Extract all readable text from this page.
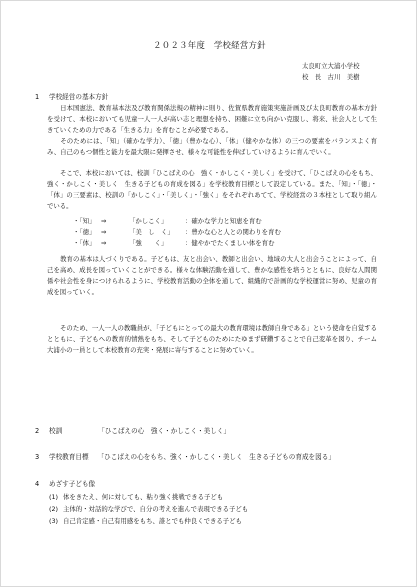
２０２３年度　学校経営方針
太良町立大浦小学校
校　長　古川　美樹
1 学校経営の基本方針

日本国憲法、教育基本法及び教育関係法規の精神に則り、佐賀県教育施策実施計画及び太良町教育の基本方針を受けて、本校においても児童一人一人が高い志と理想を持ち、困難に立ち向かい克服し、将来、社会人として生きていくための力である「生きる力」を育むことが必要である。

そのためには、「知」（確かな学力）、「徳」（豊かな心）、「体」（健やかな体）の三つの要素をバランスよく育み、自己のもつ個性と能力を最大限に発揮させ、様々な可能性を伸ばしていけるように育んでいく。

そこで、本校においては、校訓「ひこばえの心　強く・かしこく・美しく」を受けて、「ひこばえの心をもち、強く・かしこく・美しく　生きる子どもの育成を図る」を学校教育目標として設定している。また、「知」・「徳」・「体」の三要素は、校訓の「かしこく」・「美しく」・「強く」をそれぞれあてて、学校経営の３本柱として取り組んでいる。

・「知」 ⇒	「かしこく」	：確かな学力と知恵を育む
・「徳」 ⇒	「美　し　く」 ：豊かな心と人との関わりを育む
・「体」 ⇒	「強　　く」	：健やかでたくましい体を育む

教育の基本は人づくりである。子どもは、友と出会い、教師と出会い、地域の大人と出会うことによって、自己を高め、成長を図っていくことができる。様々な体験活動を通して、豊かな感性を培うとともに、良好な人間関係や社会性を身につけられるように、学校教育活動の全体を通して、組織的で計画的な学校運営に努め、児童の育成を図っていく。

そのため、一人一人の教職員が、「子どもにとっての最大の教育環境は教師自身である」という使命を自覚するとともに、子どもへの教育的情熱をもち、そして子どものためにたゆまず研鑽することで自己変革を図り、チーム大浦小の一員として本校教育の充実・発展に寄与することに努めていく。

2 校訓	「ひこばえの心　強く・かしこく・美しく」
3 学校教育目標 「ひこばえの心をもち、強く・かしこく・美しく　生きる子どもの育成を図る」
4 めざす子ども像
(1) 体をきたえ、何に対しても、粘り強く挑戦できる子ども
(2) 主体的・対話的な学びで、自分の考えを進んで表現できる子ども
(3) 自己肯定感・自己有用感をもち、誰とでも仲良くできる子ども
